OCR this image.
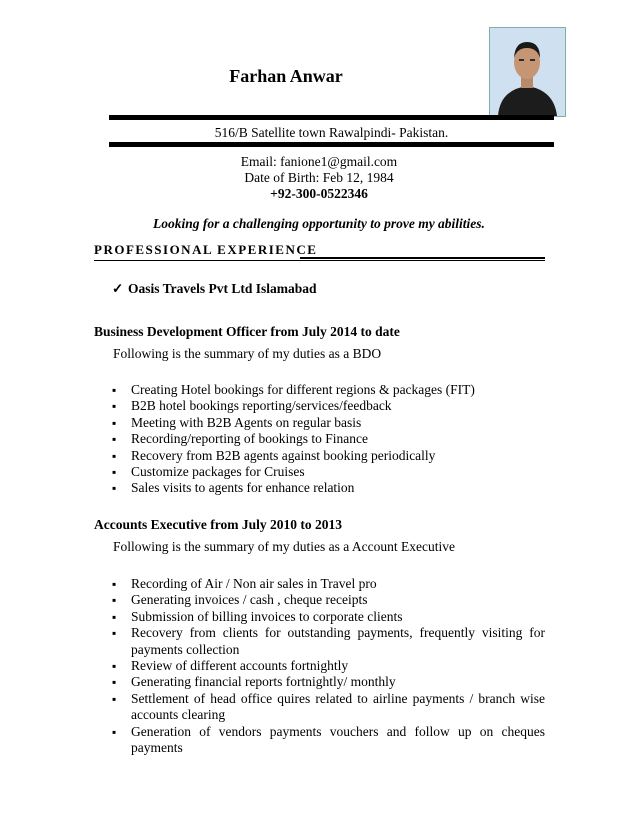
Farhan Anwar
516/B Satellite town Rawalpindi- Pakistan.
Email: fanione1@gmail.com
Date of Birth: Feb 12, 1984
+92-300-0522346
Looking for a challenging opportunity to prove my abilities.
PROFESSIONAL EXPERIENCE
✓ Oasis Travels Pvt Ltd Islamabad
Business Development Officer from July 2014 to date
Following is the summary of my duties as a BDO
▪ Creating Hotel bookings for different regions & packages (FIT)
▪ B2B hotel bookings reporting/services/feedback
▪ Meeting with B2B Agents on regular basis
▪ Recording/reporting of bookings to Finance
▪ Recovery from B2B agents against booking periodically
▪ Customize packages for Cruises
▪ Sales visits to agents for enhance relation
Accounts Executive from July 2010 to 2013
Following is the summary of my duties as a Account Executive
▪ Recording of Air / Non air sales in Travel pro
▪ Generating invoices / cash , cheque receipts
▪ Submission of billing invoices to corporate clients
▪ Recovery from clients for outstanding payments, frequently visiting for payments collection
▪ Review of different accounts fortnightly
▪ Generating financial reports fortnightly/ monthly
▪ Settlement of head office quires related to airline payments / branch wise accounts clearing
▪ Generation of vendors payments vouchers and follow up on cheques payments
